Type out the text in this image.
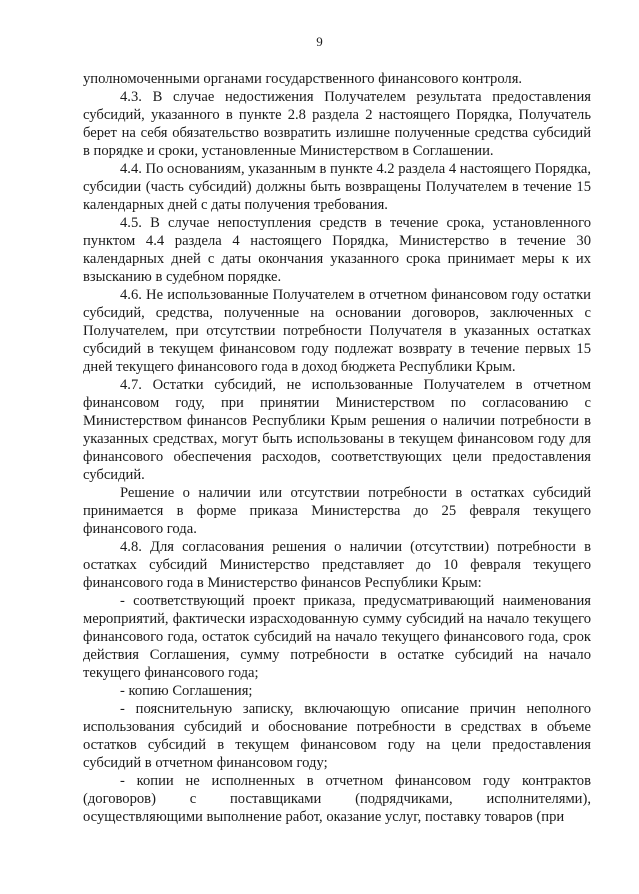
9

уполномоченными органами государственного финансового контроля.

4.3. В случае недостижения Получателем результата предоставления субсидий, указанного в пункте 2.8 раздела 2 настоящего Порядка, Получатель берет на себя обязательство возвратить излишне полученные средства субсидий в порядке и сроки, установленные Министерством в Соглашении.

4.4. По основаниям, указанным в пункте 4.2 раздела 4 настоящего Порядка, субсидии (часть субсидий) должны быть возвращены Получателем в течение 15 календарных дней с даты получения требования.

4.5. В случае непоступления средств в течение срока, установленного пунктом 4.4 раздела 4 настоящего Порядка, Министерство в течение 30 календарных дней с даты окончания указанного срока принимает меры к их взысканию в судебном порядке.

4.6. Не использованные Получателем в отчетном финансовом году остатки субсидий, средства, полученные на основании договоров, заключенных с Получателем, при отсутствии потребности Получателя в указанных остатках субсидий в текущем финансовом году подлежат возврату в течение первых 15 дней текущего финансового года в доход бюджета Республики Крым.

4.7. Остатки субсидий, не использованные Получателем в отчетном финансовом году, при принятии Министерством по согласованию с Министерством финансов Республики Крым решения о наличии потребности в указанных средствах, могут быть использованы в текущем финансовом году для финансового обеспечения расходов, соответствующих цели предоставления субсидий.

Решение о наличии или отсутствии потребности в остатках субсидий принимается в форме приказа Министерства до 25 февраля текущего финансового года.

4.8. Для согласования решения о наличии (отсутствии) потребности в остатках субсидий Министерство представляет до 10 февраля текущего финансового года в Министерство финансов Республики Крым:

- соответствующий проект приказа, предусматривающий наименования мероприятий, фактически израсходованную сумму субсидий на начало текущего финансового года, остаток субсидий на начало текущего финансового года, срок действия Соглашения, сумму потребности в остатке субсидий на начало текущего финансового года;

- копию Соглашения;

- пояснительную записку, включающую описание причин неполного использования субсидий и обоснование потребности в средствах в объеме остатков субсидий в текущем финансовом году на цели предоставления субсидий в отчетном финансовом году;

- копии не исполненных в отчетном финансовом году контрактов (договоров) с поставщиками (подрядчиками, исполнителями), осуществляющими выполнение работ, оказание услуг, поставку товаров (при
